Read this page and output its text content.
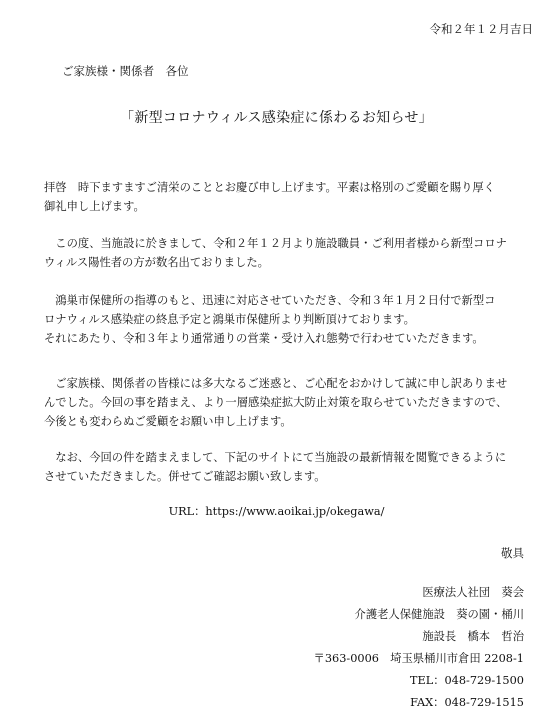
令和２年１２月吉日
ご家族様・関係者　各位
「新型コロナウィルス感染症に係わるお知らせ」
拝啓　時下ますますご清栄のこととお慶び申し上げます。平素は格別のご愛顧を賜り厚く
御礼申し上げます。
　この度、当施設に於きまして、令和２年１２月より施設職員・ご利用者様から新型コロナ
ウィルス陽性者の方が数名出ておりました。
　鴻巣市保健所の指導のもと、迅速に対応させていただき、令和３年１月２日付で新型コ
ロナウィルス感染症の終息予定と鴻巣市保健所より判断頂けております。
それにあたり、令和３年より通常通りの営業・受け入れ態勢で行わせていただきます。
　ご家族様、関係者の皆様には多大なるご迷惑と、ご心配をおかけして誠に申し訳ありませ
んでした。今回の事を踏まえ、より一層感染症拡大防止対策を取らせていただきますので、
今後とも変わらぬご愛顧をお願い申し上げます。
　なお、今回の件を踏まえまして、下記のサイトにて当施設の最新情報を閲覧できるように
させていただきました。併せてご確認お願い致します。
URL：https://www.aoikai.jp/okegawa/
敬具
医療法人社団　葵会
介護老人保健施設　葵の園・桶川
施設長　橋本　哲治
〒363-0006　埼玉県桶川市倉田 2208-1
TEL：048-729-1500
FAX：048-729-1515
